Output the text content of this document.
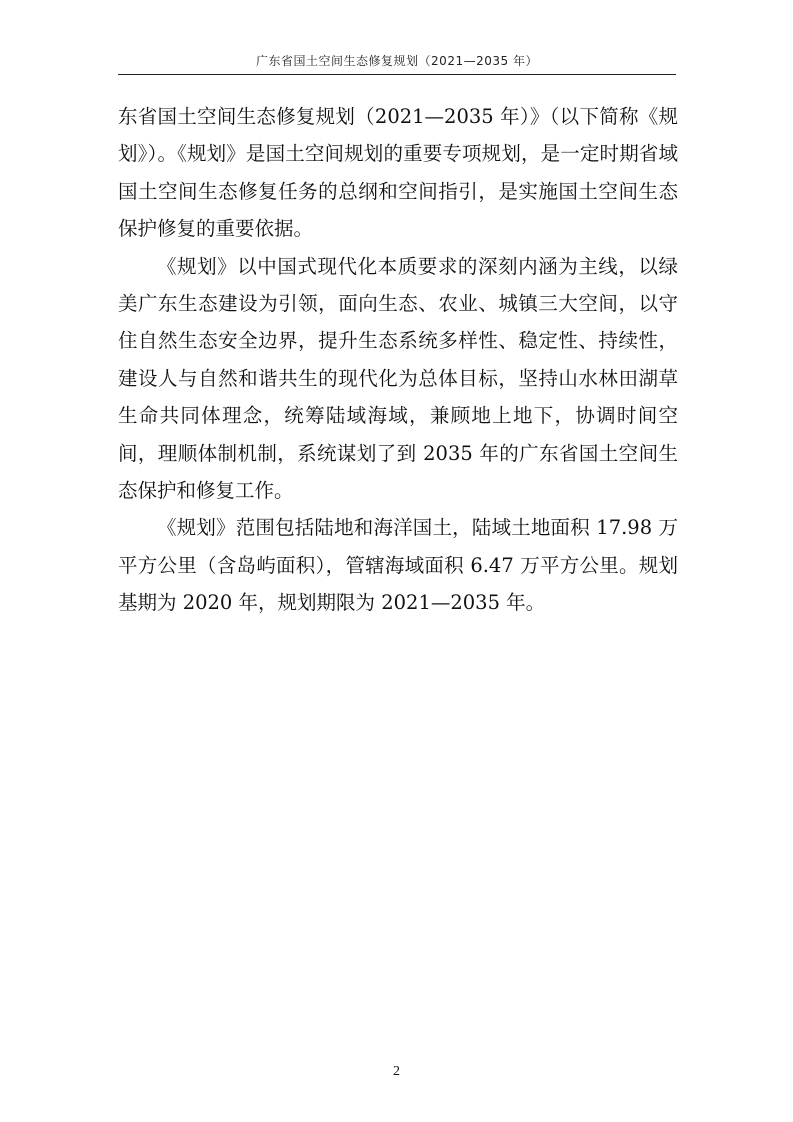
广东省国土空间生态修复规划（2021—2035 年）

东省国土空间生态修复规划（2021—2035 年）》（以下简称《规划》）。《规划》是国土空间规划的重要专项规划，是一定时期省域国土空间生态修复任务的总纲和空间指引，是实施国土空间生态保护修复的重要依据。

《规划》以中国式现代化本质要求的深刻内涵为主线，以绿美广东生态建设为引领，面向生态、农业、城镇三大空间，以守住自然生态安全边界，提升生态系统多样性、稳定性、持续性，建设人与自然和谐共生的现代化为总体目标，坚持山水林田湖草生命共同体理念，统筹陆域海域，兼顾地上地下，协调时间空间，理顺体制机制，系统谋划了到 2035 年的广东省国土空间生态保护和修复工作。

《规划》范围包括陆地和海洋国土，陆域土地面积 17.98 万平方公里（含岛屿面积），管辖海域面积 6.47 万平方公里。规划基期为 2020 年，规划期限为 2021—2035 年。

2
